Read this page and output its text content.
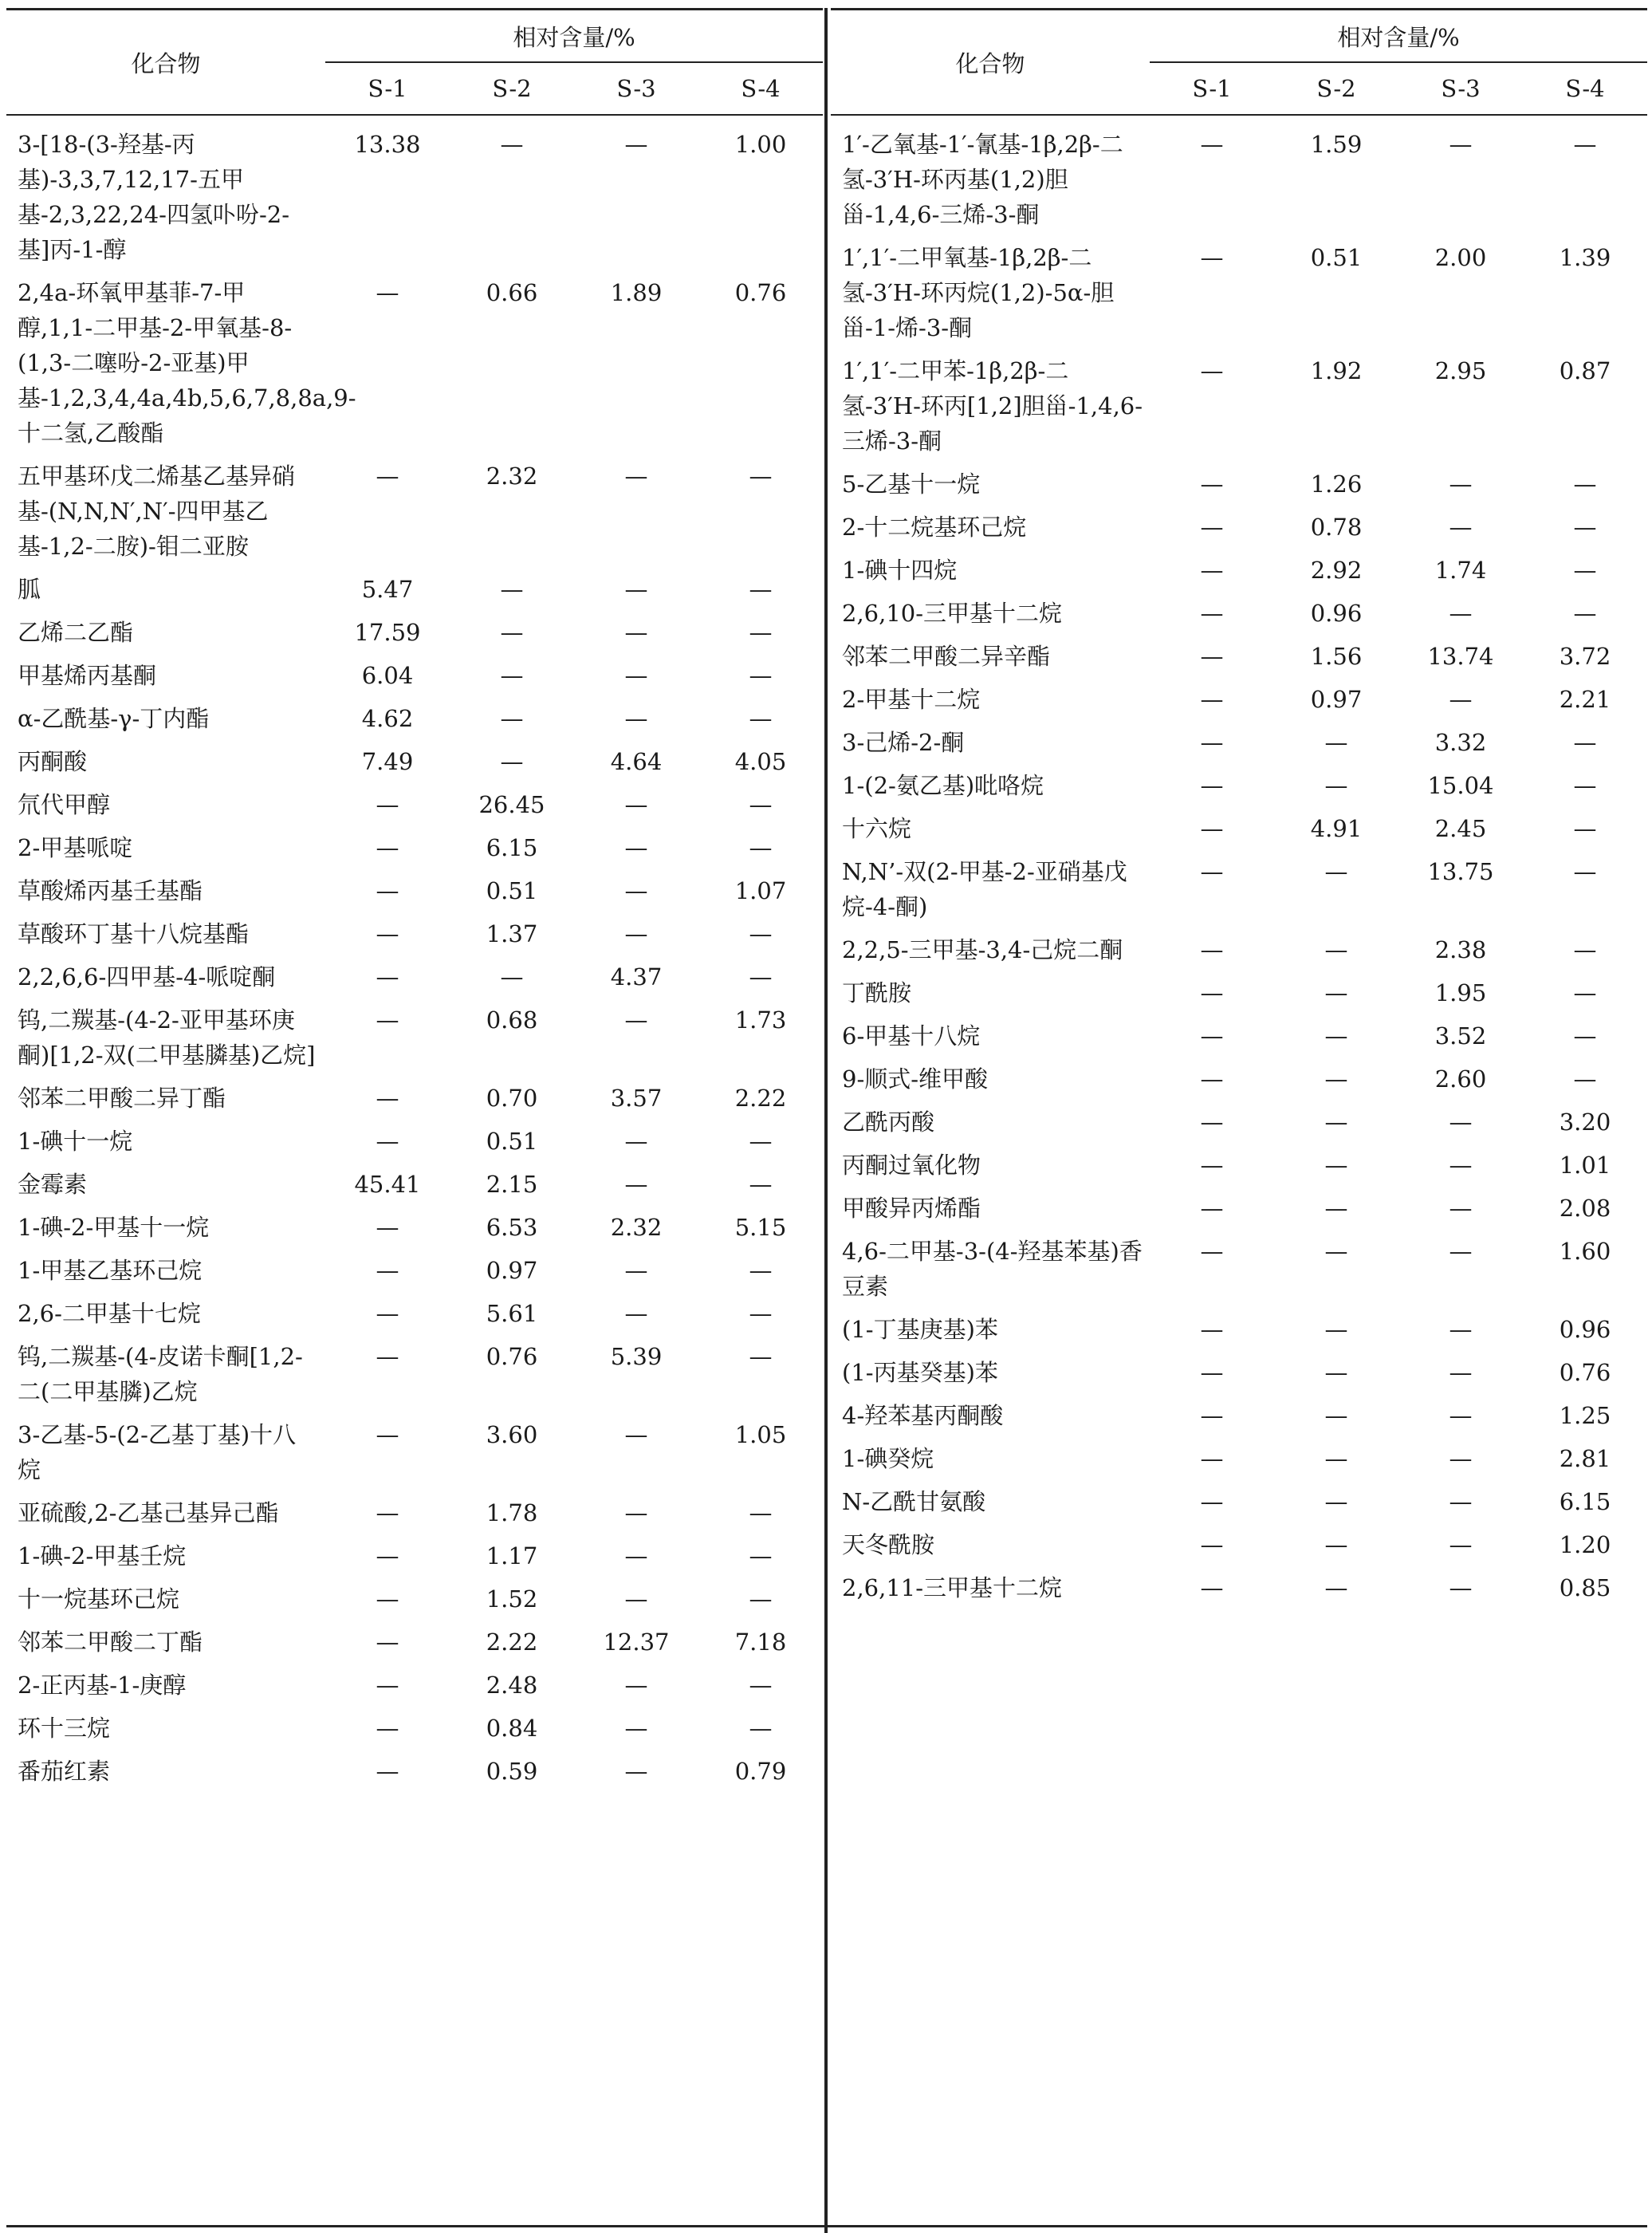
化合物	相对含量/%			
	S-1	S-2	S-3	S-4
3-[18-(3-羟基-丙基)-3,3,7,12,17-五甲基-2,3,22,24-四氢卟吩-2-基]丙-1-醇	13.38	—	—	1.00
2,4a-环氧甲基菲-7-甲醇,1,1-二甲基-2-甲氧基-8-(1,3-二噻吩-2-亚基)甲基-1,2,3,4,4a,4b,5,6,7,8,8a,9-十二氢,乙酸酯	—	0.66	1.89	0.76
五甲基环戊二烯基乙基异硝基-(N,N,N′,N′-四甲基乙基-1,2-二胺)-钼二亚胺	—	2.32	—	—
胍	5.47	—	—	—
乙烯二乙酯	17.59	—	—	—
甲基烯丙基酮	6.04	—	—	—
α-乙酰基-γ-丁内酯	4.62	—	—	—
丙酮酸	7.49	—	4.64	4.05
氘代甲醇	—	26.45	—	—
2-甲基哌啶	—	6.15	—	—
草酸烯丙基壬基酯	—	0.51	—	1.07
草酸环丁基十八烷基酯	—	1.37	—	—
2,2,6,6-四甲基-4-哌啶酮	—	—	4.37	—
钨,二羰基-(4-2-亚甲基环庚酮)[1,2-双(二甲基膦基)乙烷]	—	0.68	—	1.73
邻苯二甲酸二异丁酯	—	0.70	3.57	2.22
1-碘十一烷	—	0.51	—	—
金霉素	45.41	2.15	—	—
1-碘-2-甲基十一烷	—	6.53	2.32	5.15
1-甲基乙基环己烷	—	0.97	—	—
2,6-二甲基十七烷	—	5.61	—	—
钨,二羰基-(4-皮诺卡酮[1,2-二(二甲基膦)乙烷	—	0.76	5.39	—
3-乙基-5-(2-乙基丁基)十八烷	—	3.60	—	1.05
亚硫酸,2-乙基己基异己酯	—	1.78	—	—
1-碘-2-甲基壬烷	—	1.17	—	—
十一烷基环己烷	—	1.52	—	—
邻苯二甲酸二丁酯	—	2.22	12.37	7.18
2-正丙基-1-庚醇	—	2.48	—	—
环十三烷	—	0.84	—	—
番茄红素	—	0.59	—	0.79
化合物	相对含量/%			
	S-1	S-2	S-3	S-4
1′-乙氧基-1′-氰基-1β,2β-二氢-3′H-环丙基(1,2)胆甾-1,4,6-三烯-3-酮	—	1.59	—	—
1′,1′-二甲氧基-1β,2β-二氢-3′H-环丙烷(1,2)-5α-胆甾-1-烯-3-酮	—	0.51	2.00	1.39
1′,1′-二甲苯-1β,2β-二氢-3′H-环丙[1,2]胆甾-1,4,6-三烯-3-酮	—	1.92	2.95	0.87
5-乙基十一烷	—	1.26	—	—
2-十二烷基环己烷	—	0.78	—	—
1-碘十四烷	—	2.92	1.74	—
2,6,10-三甲基十二烷	—	0.96	—	—
邻苯二甲酸二异辛酯	—	1.56	13.74	3.72
2-甲基十二烷	—	0.97	—	2.21
3-己烯-2-酮	—	—	3.32	—
1-(2-氨乙基)吡咯烷	—	—	15.04	—
十六烷	—	4.91	2.45	—
N,N’-双(2-甲基-2-亚硝基戊烷-4-酮)	—	—	13.75	—
2,2,5-三甲基-3,4-己烷二酮	—	—	2.38	—
丁酰胺	—	—	1.95	—
6-甲基十八烷	—	—	3.52	—
9-顺式-维甲酸	—	—	2.60	—
乙酰丙酸	—	—	—	3.20
丙酮过氧化物	—	—	—	1.01
甲酸异丙烯酯	—	—	—	2.08
4,6-二甲基-3-(4-羟基苯基)香豆素	—	—	—	1.60
(1-丁基庚基)苯	—	—	—	0.96
(1-丙基癸基)苯	—	—	—	0.76
4-羟苯基丙酮酸	—	—	—	1.25
1-碘癸烷	—	—	—	2.81
N-乙酰甘氨酸	—	—	—	6.15
天冬酰胺	—	—	—	1.20
2,6,11-三甲基十二烷	—	—	—	0.85
